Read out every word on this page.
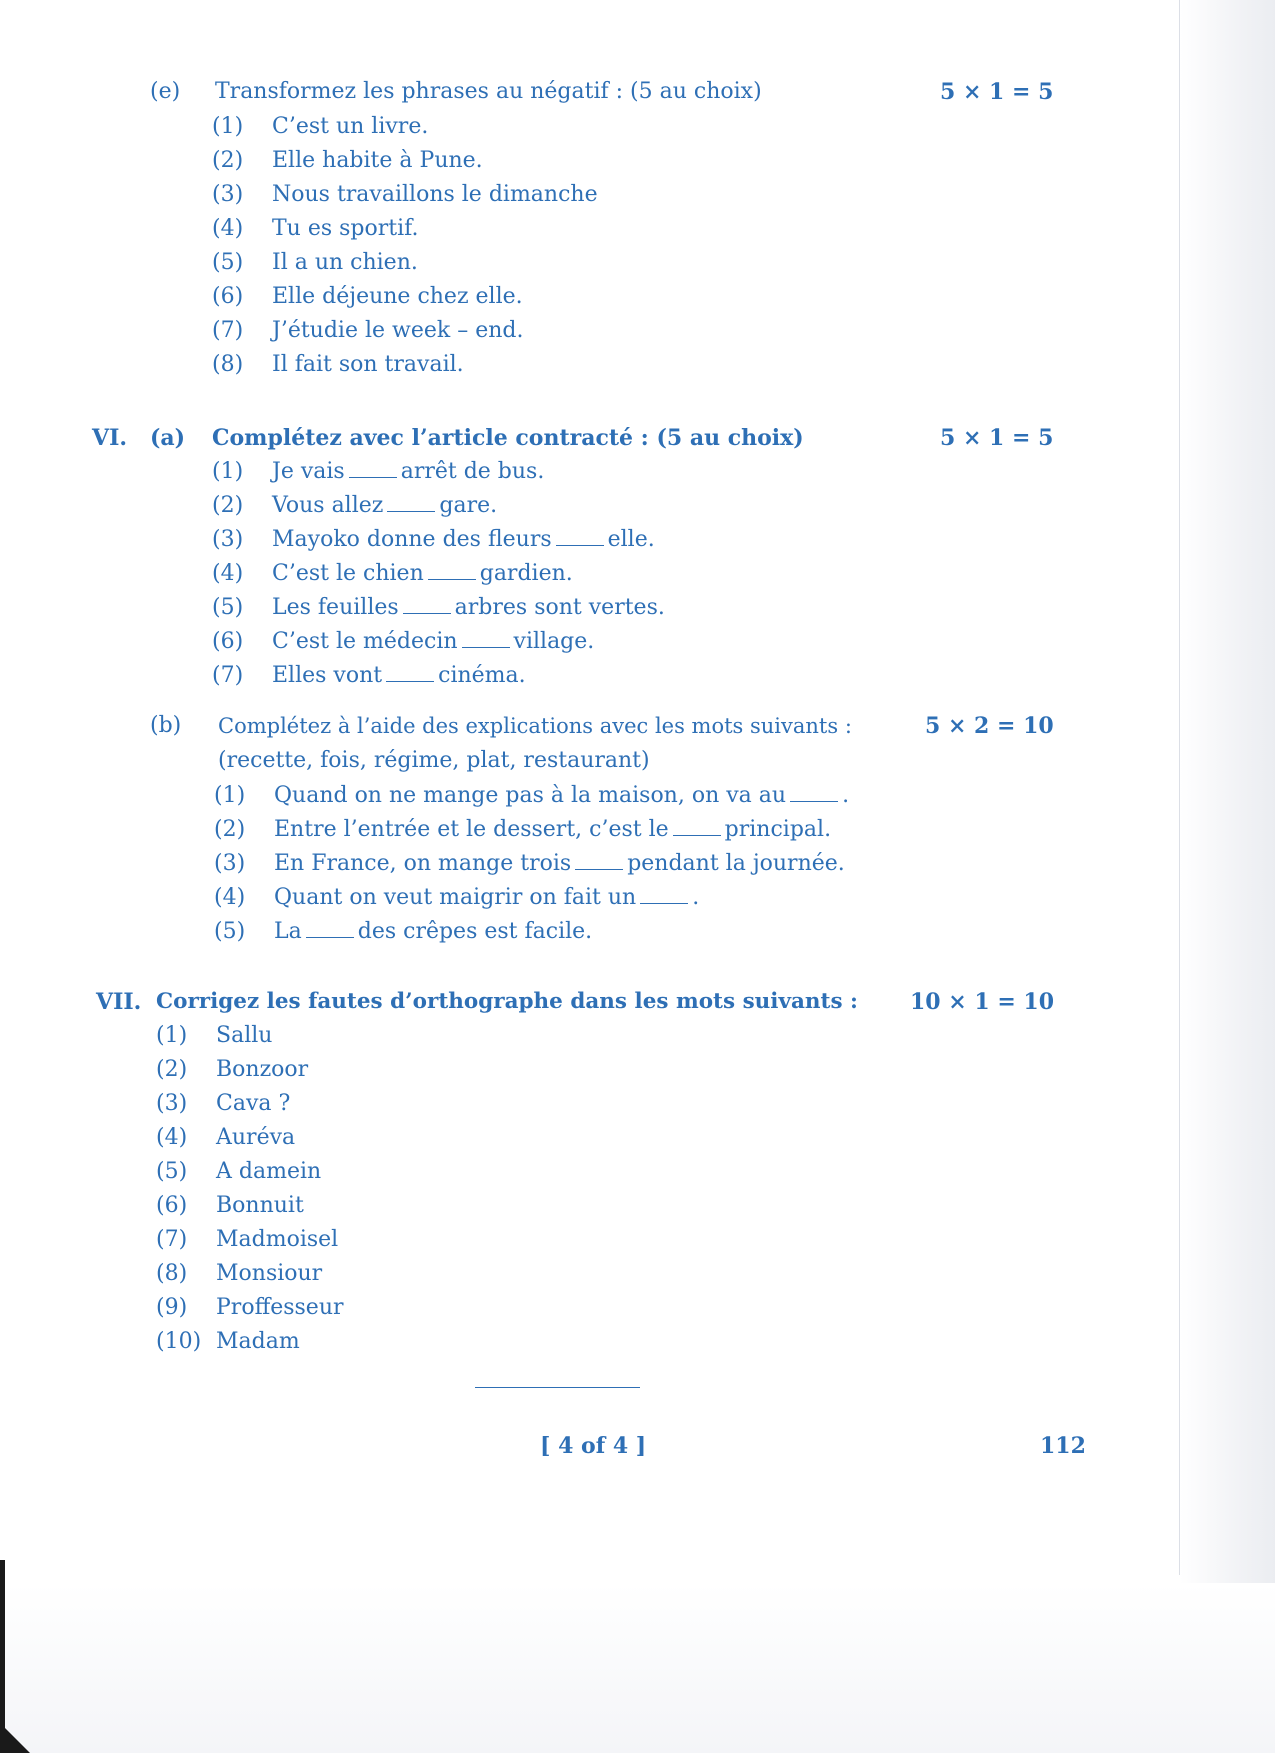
(e) Transformez les phrases au négatif : (5 au choix)	5 × 1 = 5
(1) C’est un livre.
(2) Elle habite à Pune.
(3) Nous travaillons le dimanche
(4) Tu es sportif.
(5) Il a un chien.
(6) Elle déjeune chez elle.
(7) J’étudie le week – end.
(8) Il fait son travail.
VI. (a) Complétez avec l’article contracté : (5 au choix)	5 × 1 = 5
(1) Je vais	arrêt de bus.
(2) Vous allez	gare.
(3) Mayoko donne des fleurs	elle.
(4) C’est le chien	gardien.
(5) Les feuilles	arbres sont vertes.
(6) C’est le médecin	village.
(7) Elles vont	cinéma.
(b) Complétez à l’aide des explications avec les mots suivants :	5 × 2 = 10
(recette, fois, régime, plat, restaurant)
(1) Quand on ne mange pas à la maison, on va au	.
(2) Entre l’entrée et le dessert, c’est le	principal.
(3) En France, on mange trois	pendant la journée.
(4) Quant on veut maigrir on fait un	.
(5) La	des crêpes est facile.
VII. Corrigez les fautes d’orthographe dans les mots suivants : 10 × 1 = 10
(1) Sallu
(2) Bonzoor
(3) Cava ?
(4) Auréva
(5) A damein
(6) Bonnuit
(7) Madmoisel
(8) Monsiour
(9) Proffesseur
(10) Madam
[ 4 of 4 ]	112
